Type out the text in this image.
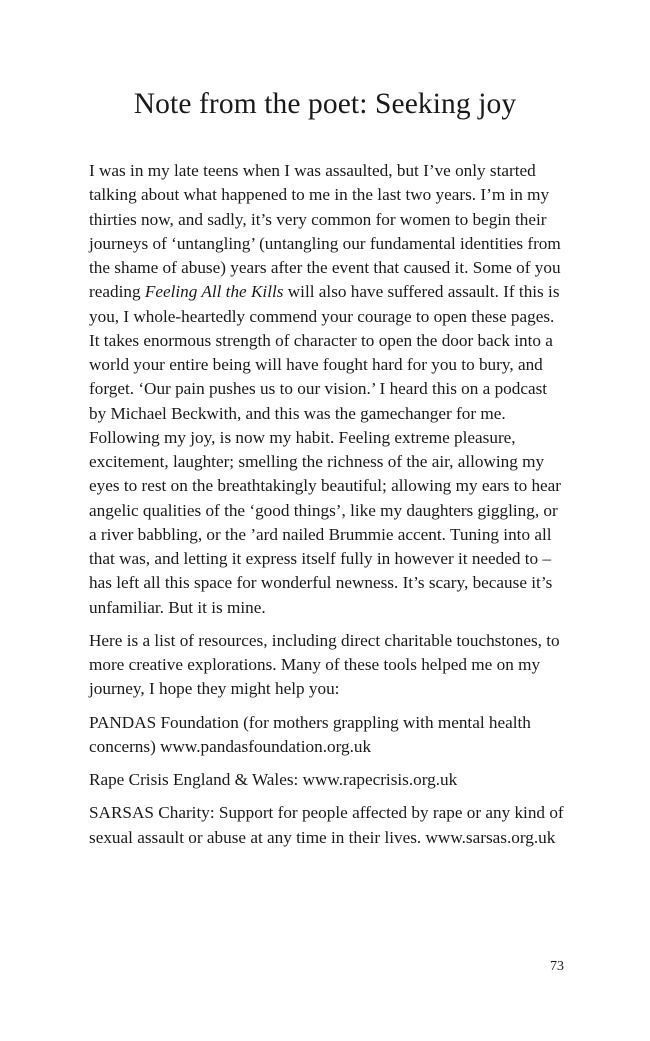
Note from the poet: Seeking joy

I was in my late teens when I was assaulted, but I’ve only started talking about what happened to me in the last two years. I’m in my thirties now, and sadly, it’s very common for women to begin their journeys of ‘untangling’ (untangling our fundamental identities from the shame of abuse) years after the event that caused it. Some of you reading Feeling All the Kills will also have suffered assault. If this is you, I whole-heartedly commend your courage to open these pages. It takes enormous strength of character to open the door back into a world your entire being will have fought hard for you to bury, and forget. ‘Our pain pushes us to our vision.’ I heard this on a podcast by Michael Beckwith, and this was the gamechanger for me. Following my joy, is now my habit. Feeling extreme pleasure, excitement, laughter; smelling the richness of the air, allowing my eyes to rest on the breathtakingly beautiful; allowing my ears to hear angelic qualities of the ‘good things’, like my daughters giggling, or a river babbling, or the ’ard nailed Brummie accent. Tuning into all that was, and letting it express itself fully in however it needed to – has left all this space for wonderful newness. It’s scary, because it’s unfamiliar. But it is mine.

Here is a list of resources, including direct charitable touchstones, to more creative explorations. Many of these tools helped me on my journey, I hope they might help you:

PANDAS Foundation (for mothers grappling with mental health concerns) www.pandasfoundation.org.uk

Rape Crisis England & Wales: www.rapecrisis.org.uk

SARSAS Charity: Support for people affected by rape or any kind of sexual assault or abuse at any time in their lives. www.sarsas.org.uk

73
